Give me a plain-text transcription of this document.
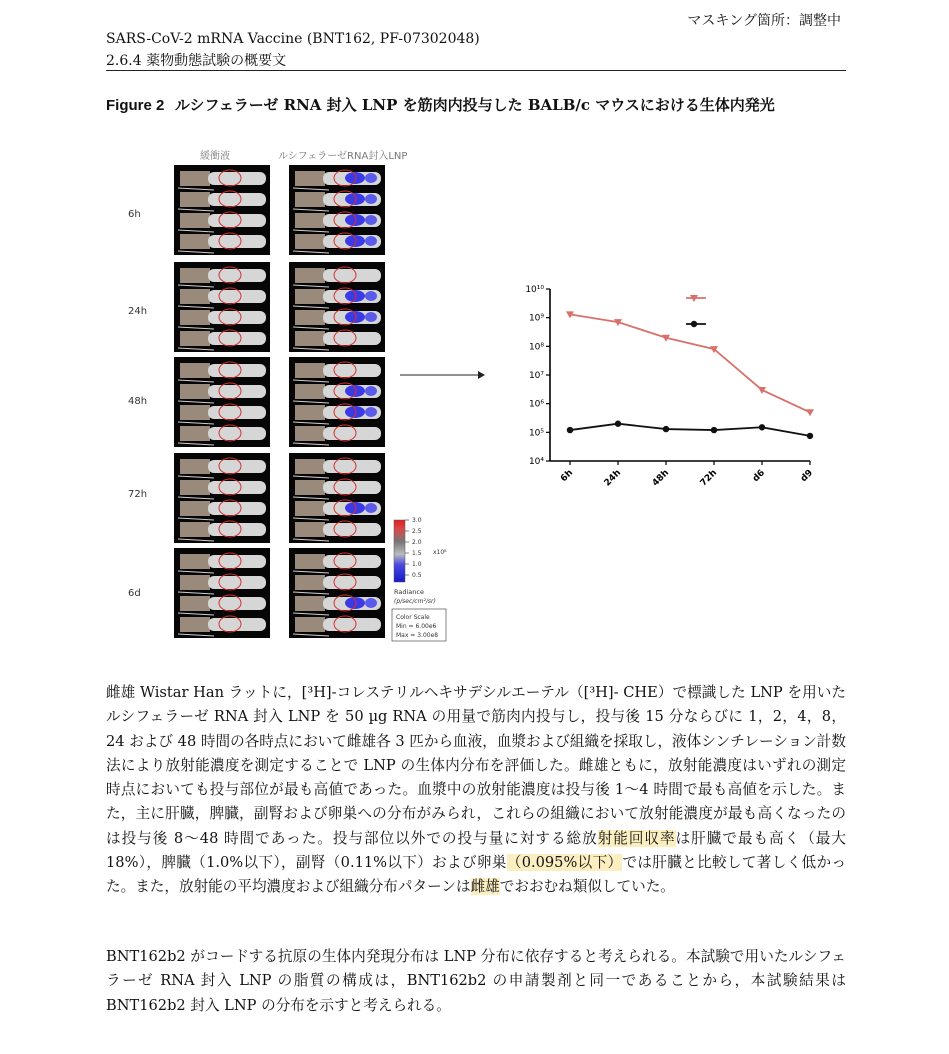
マスキング箇所：調整中
SARS-CoV-2 mRNA Vaccine (BNT162, PF-07302048)
2.6.4 薬物動態試験の概要文
Figure 2 ルシフェラーゼ RNA 封入 LNP を筋肉内投与した BALB/c マウスにおける生体内発光
緩衝液	ルシフェラーゼRNA封入LNP
6h
24h
48h
72h
6d
3.0
2.5
2.0
1.5
1.0
0.5
x10⁸
Radiance
(p/sec/cm²/sr)
Color Scale
Min = 6.00e6
Max = 3.00e8
10⁴
10⁵
10⁶
10⁷
10⁸
10⁹
10¹⁰
6h	24h	48h	72h	d6	d9

雌雄 Wistar Han ラットに，[³H]-コレステリルヘキサデシルエーテル（[³H]- CHE）で標識した LNP を用いたルシフェラーゼ RNA 封入 LNP を 50 µg RNA の用量で筋肉内投与し，投与後 15 分ならびに 1，2，4，8，24 および 48 時間の各時点において雌雄各 3 匹から血液，血漿および組織を採取し，液体シンチレーション計数法により放射能濃度を測定することで LNP の生体内分布を評価した。雌雄ともに，放射能濃度はいずれの測定時点においても投与部位が最も高値であった。血漿中の放射能濃度は投与後 1〜4 時間で最も高値を示した。また，主に肝臓，脾臓，副腎および卵巣への分布がみられ，これらの組織において放射能濃度が最も高くなったのは投与後 8〜48 時間であった。投与部位以外での投与量に対する総放射能回収率は肝臓で最も高く（最大 18%），脾臓（1.0%以下），副腎（0.11%以下）および卵巣（0.095%以下）では肝臓と比較して著しく低かった。また，放射能の平均濃度および組織分布パターンは雌雄でおおむね類似していた。

BNT162b2 がコードする抗原の生体内発現分布は LNP 分布に依存すると考えられる。本試験で用いたルシフェラーゼ RNA 封入 LNP の脂質の構成は，BNT162b2 の申請製剤と同一であることから，本試験結果は BNT162b2 封入 LNP の分布を示すと考えられる。
